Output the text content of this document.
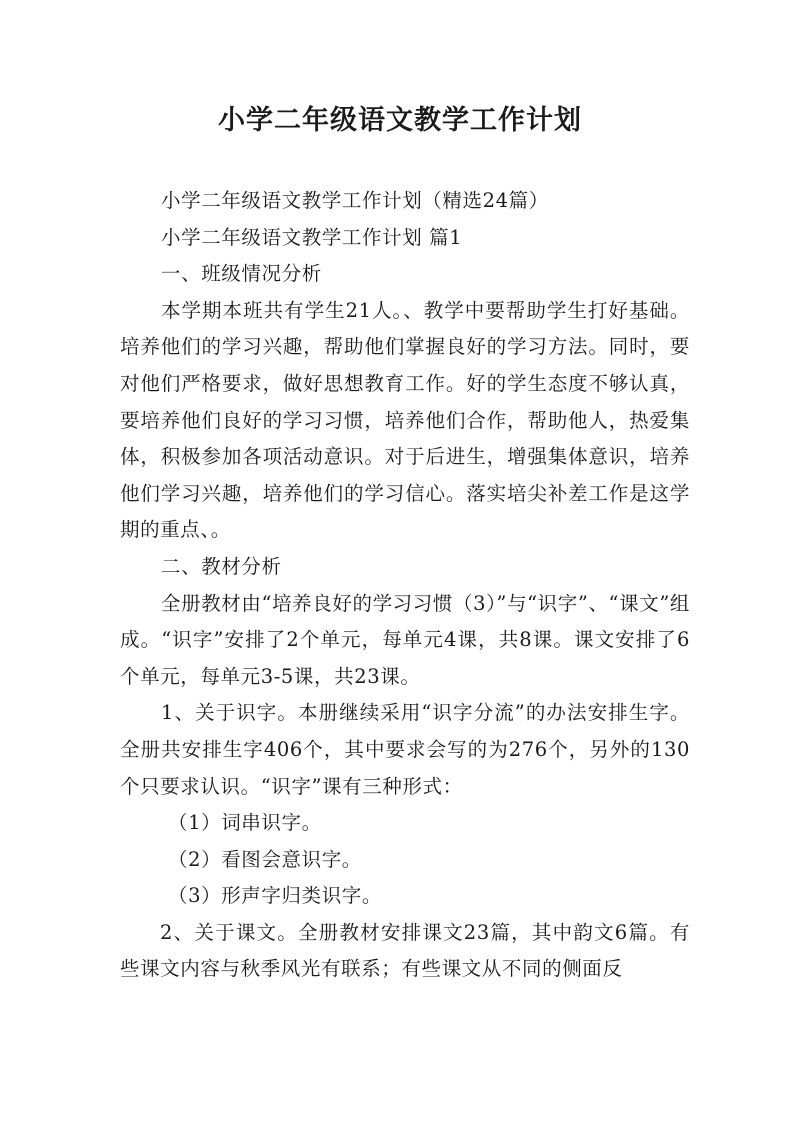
小学二年级语文教学工作计划

小学二年级语文教学工作计划（精选24篇）

小学二年级语文教学工作计划 篇1

一、班级情况分析

本学期本班共有学生21人。、教学中要帮助学生打好基础。培养他们的学习兴趣，帮助他们掌握良好的学习方法。同时，要对他们严格要求，做好思想教育工作。好的学生态度不够认真，要培养他们良好的学习习惯，培养他们合作，帮助他人，热爱集体，积极参加各项活动意识。对于后进生，增强集体意识，培养他们学习兴趣，培养他们的学习信心。落实培尖补差工作是这学期的重点、。

二、教材分析

全册教材由“培养良好的学习习惯（3）”与“识字”、“课文”组成。“识字”安排了2个单元，每单元4课，共8课。课文安排了6个单元，每单元3-5课，共23课。

1、关于识字。本册继续采用“识字分流”的办法安排生字。全册共安排生字406个，其中要求会写的为276个，另外的130个只要求认识。“识字”课有三种形式：

（1）词串识字。

（2）看图会意识字。

（3）形声字归类识字。

2、关于课文。全册教材安排课文23篇，其中韵文6篇。有些课文内容与秋季风光有联系；有些课文从不同的侧面反
